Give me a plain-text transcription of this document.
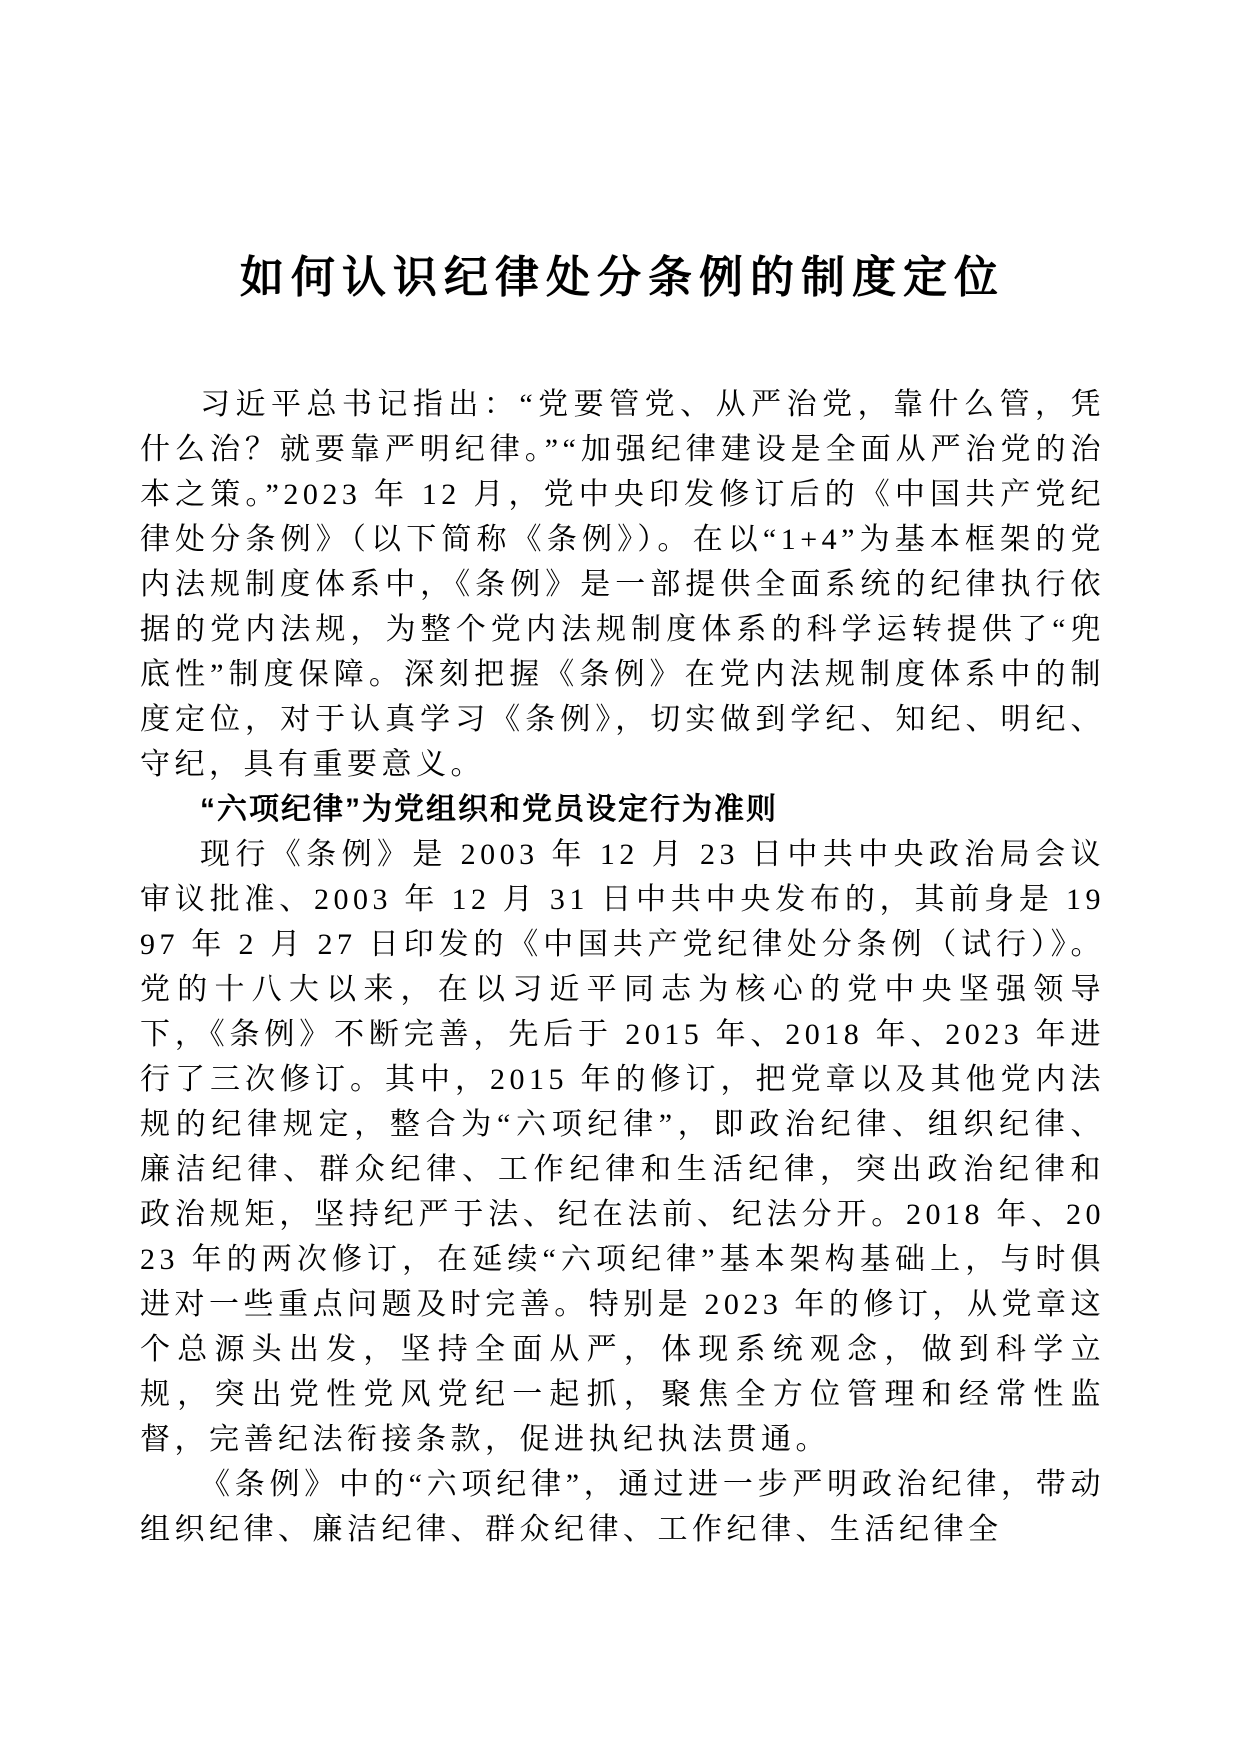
如何认识纪律处分条例的制度定位

习近平总书记指出：“党要管党、从严治党，靠什么管，凭什么治？就要靠严明纪律。”“加强纪律建设是全面从严治党的治本之策。”2023 年 12 月，党中央印发修订后的《中国共产党纪律处分条例》（以下简称《条例》）。在以“1+4”为基本框架的党内法规制度体系中，《条例》是一部提供全面系统的纪律执行依据的党内法规，为整个党内法规制度体系的科学运转提供了“兜底性”制度保障。深刻把握《条例》在党内法规制度体系中的制度定位，对于认真学习《条例》，切实做到学纪、知纪、明纪、守纪，具有重要意义。

“六项纪律”为党组织和党员设定行为准则

现行《条例》是 2003 年 12 月 23 日中共中央政治局会议审议批准、2003 年 12 月 31 日中共中央发布的，其前身是 1997 年 2 月 27 日印发的《中国共产党纪律处分条例（试行）》。党的十八大以来，在以习近平同志为核心的党中央坚强领导下，《条例》不断完善，先后于 2015 年、2018 年、2023 年进行了三次修订。其中，2015 年的修订，把党章以及其他党内法规的纪律规定，整合为“六项纪律”，即政治纪律、组织纪律、廉洁纪律、群众纪律、工作纪律和生活纪律，突出政治纪律和政治规矩，坚持纪严于法、纪在法前、纪法分开。2018 年、2023 年的两次修订，在延续“六项纪律”基本架构基础上，与时俱进对一些重点问题及时完善。特别是 2023 年的修订，从党章这个总源头出发，坚持全面从严，体现系统观念，做到科学立规，突出党性党风党纪一起抓，聚焦全方位管理和经常性监督，完善纪法衔接条款，促进执纪执法贯通。

《条例》中的“六项纪律”，通过进一步严明政治纪律，带动组织纪律、廉洁纪律、群众纪律、工作纪律、生活纪律全
